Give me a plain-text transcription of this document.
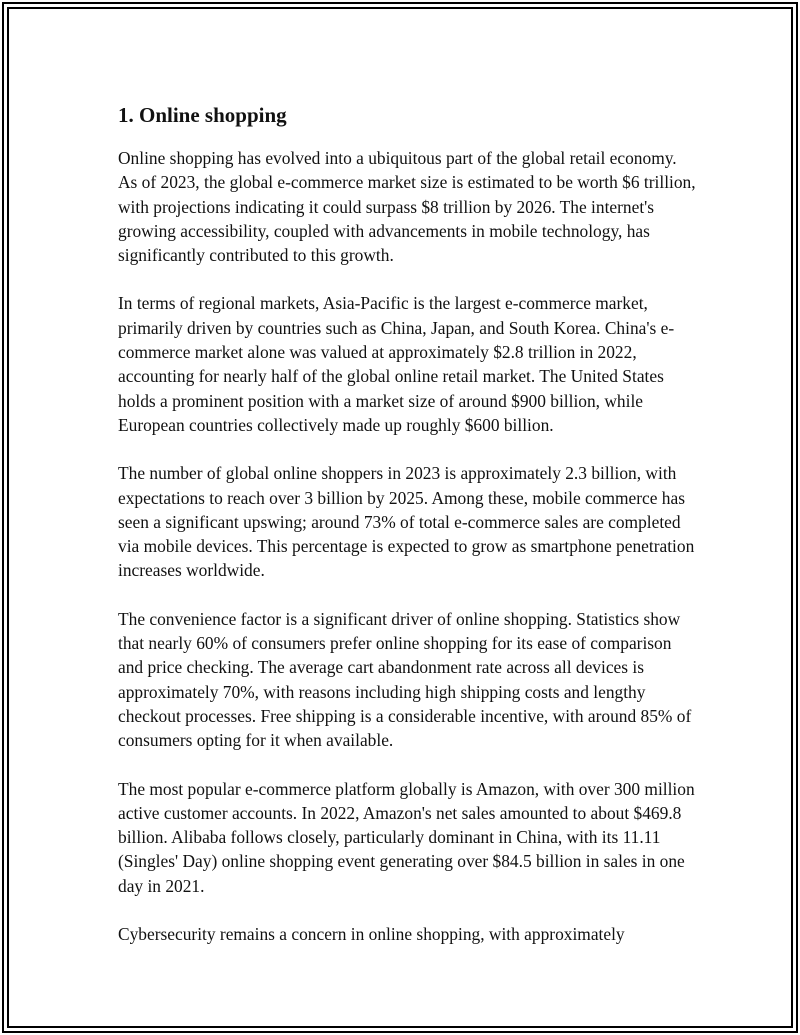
1. Online shopping

Online shopping has evolved into a ubiquitous part of the global retail economy. As of 2023, the global e-commerce market size is estimated to be worth $6 trillion, with projections indicating it could surpass $8 trillion by 2026. The internet's growing accessibility, coupled with advancements in mobile technology, has significantly contributed to this growth.

In terms of regional markets, Asia-Pacific is the largest e-commerce market, primarily driven by countries such as China, Japan, and South Korea. China's e-commerce market alone was valued at approximately $2.8 trillion in 2022, accounting for nearly half of the global online retail market. The United States holds a prominent position with a market size of around $900 billion, while European countries collectively made up roughly $600 billion.

The number of global online shoppers in 2023 is approximately 2.3 billion, with expectations to reach over 3 billion by 2025. Among these, mobile commerce has seen a significant upswing; around 73% of total e-commerce sales are completed via mobile devices. This percentage is expected to grow as smartphone penetration increases worldwide.

The convenience factor is a significant driver of online shopping. Statistics show that nearly 60% of consumers prefer online shopping for its ease of comparison and price checking. The average cart abandonment rate across all devices is approximately 70%, with reasons including high shipping costs and lengthy checkout processes. Free shipping is a considerable incentive, with around 85% of consumers opting for it when available.

The most popular e-commerce platform globally is Amazon, with over 300 million active customer accounts. In 2022, Amazon's net sales amounted to about $469.8 billion. Alibaba follows closely, particularly dominant in China, with its 11.11 (Singles' Day) online shopping event generating over $84.5 billion in sales in one day in 2021.

Cybersecurity remains a concern in online shopping, with approximately
